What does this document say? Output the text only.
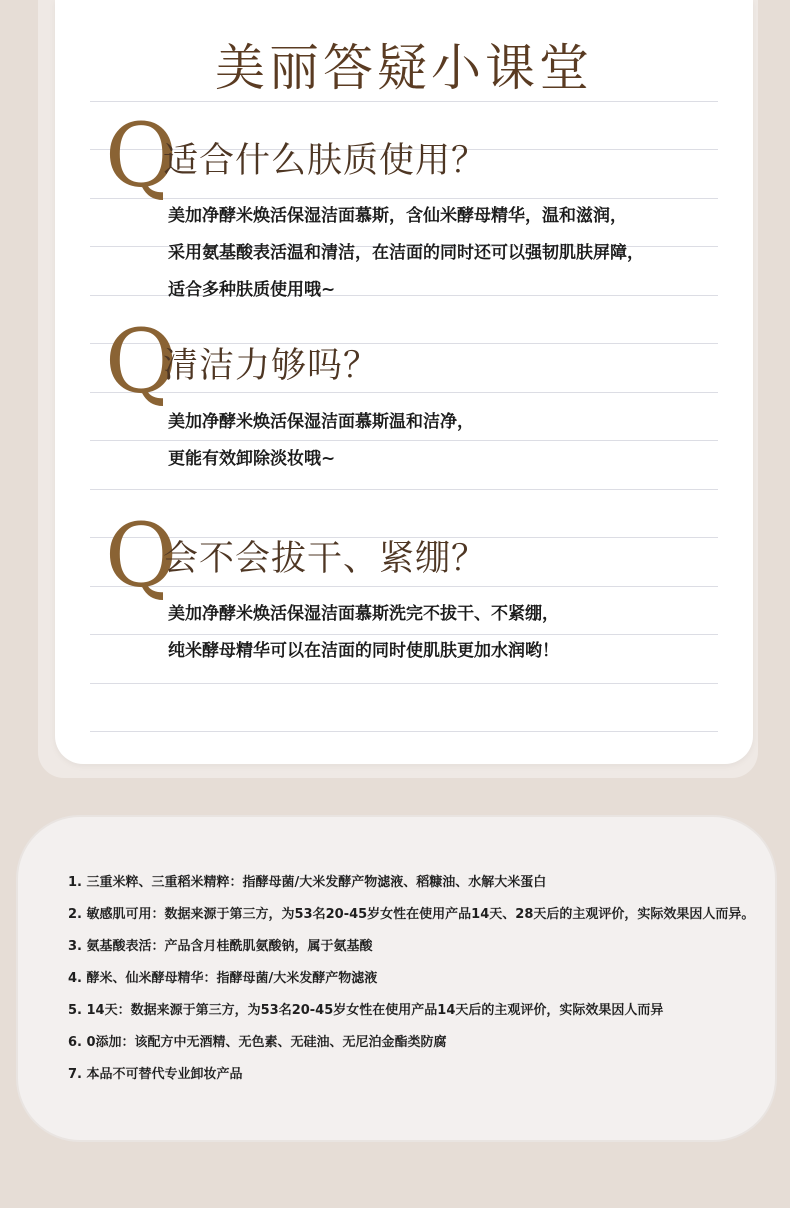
美丽答疑小课堂
Q
适合什么肤质使用？
美加净酵米焕活保湿洁面慕斯，含仙米酵母精华，温和滋润，
采用氨基酸表活温和清洁，在洁面的同时还可以强韧肌肤屏障，
适合多种肤质使用哦~
Q
清洁力够吗？
美加净酵米焕活保湿洁面慕斯温和洁净，
更能有效卸除淡妆哦~
Q
会不会拔干、紧绷？
美加净酵米焕活保湿洁面慕斯洗完不拔干、不紧绷，
纯米酵母精华可以在洁面的同时使肌肤更加水润哟！
1. 三重米粹、三重稻米精粹：指酵母菌/大米发酵产物滤液、稻糠油、水解大米蛋白
2. 敏感肌可用：数据来源于第三方，为53名20-45岁女性在使用产品14天、28天后的主观评价，实际效果因人而异。
3. 氨基酸表活：产品含月桂酰肌氨酸钠，属于氨基酸
4. 酵米、仙米酵母精华：指酵母菌/大米发酵产物滤液
5. 14天：数据来源于第三方，为53名20-45岁女性在使用产品14天后的主观评价，实际效果因人而异
6. 0添加：该配方中无酒精、无色素、无硅油、无尼泊金酯类防腐
7. 本品不可替代专业卸妆产品
